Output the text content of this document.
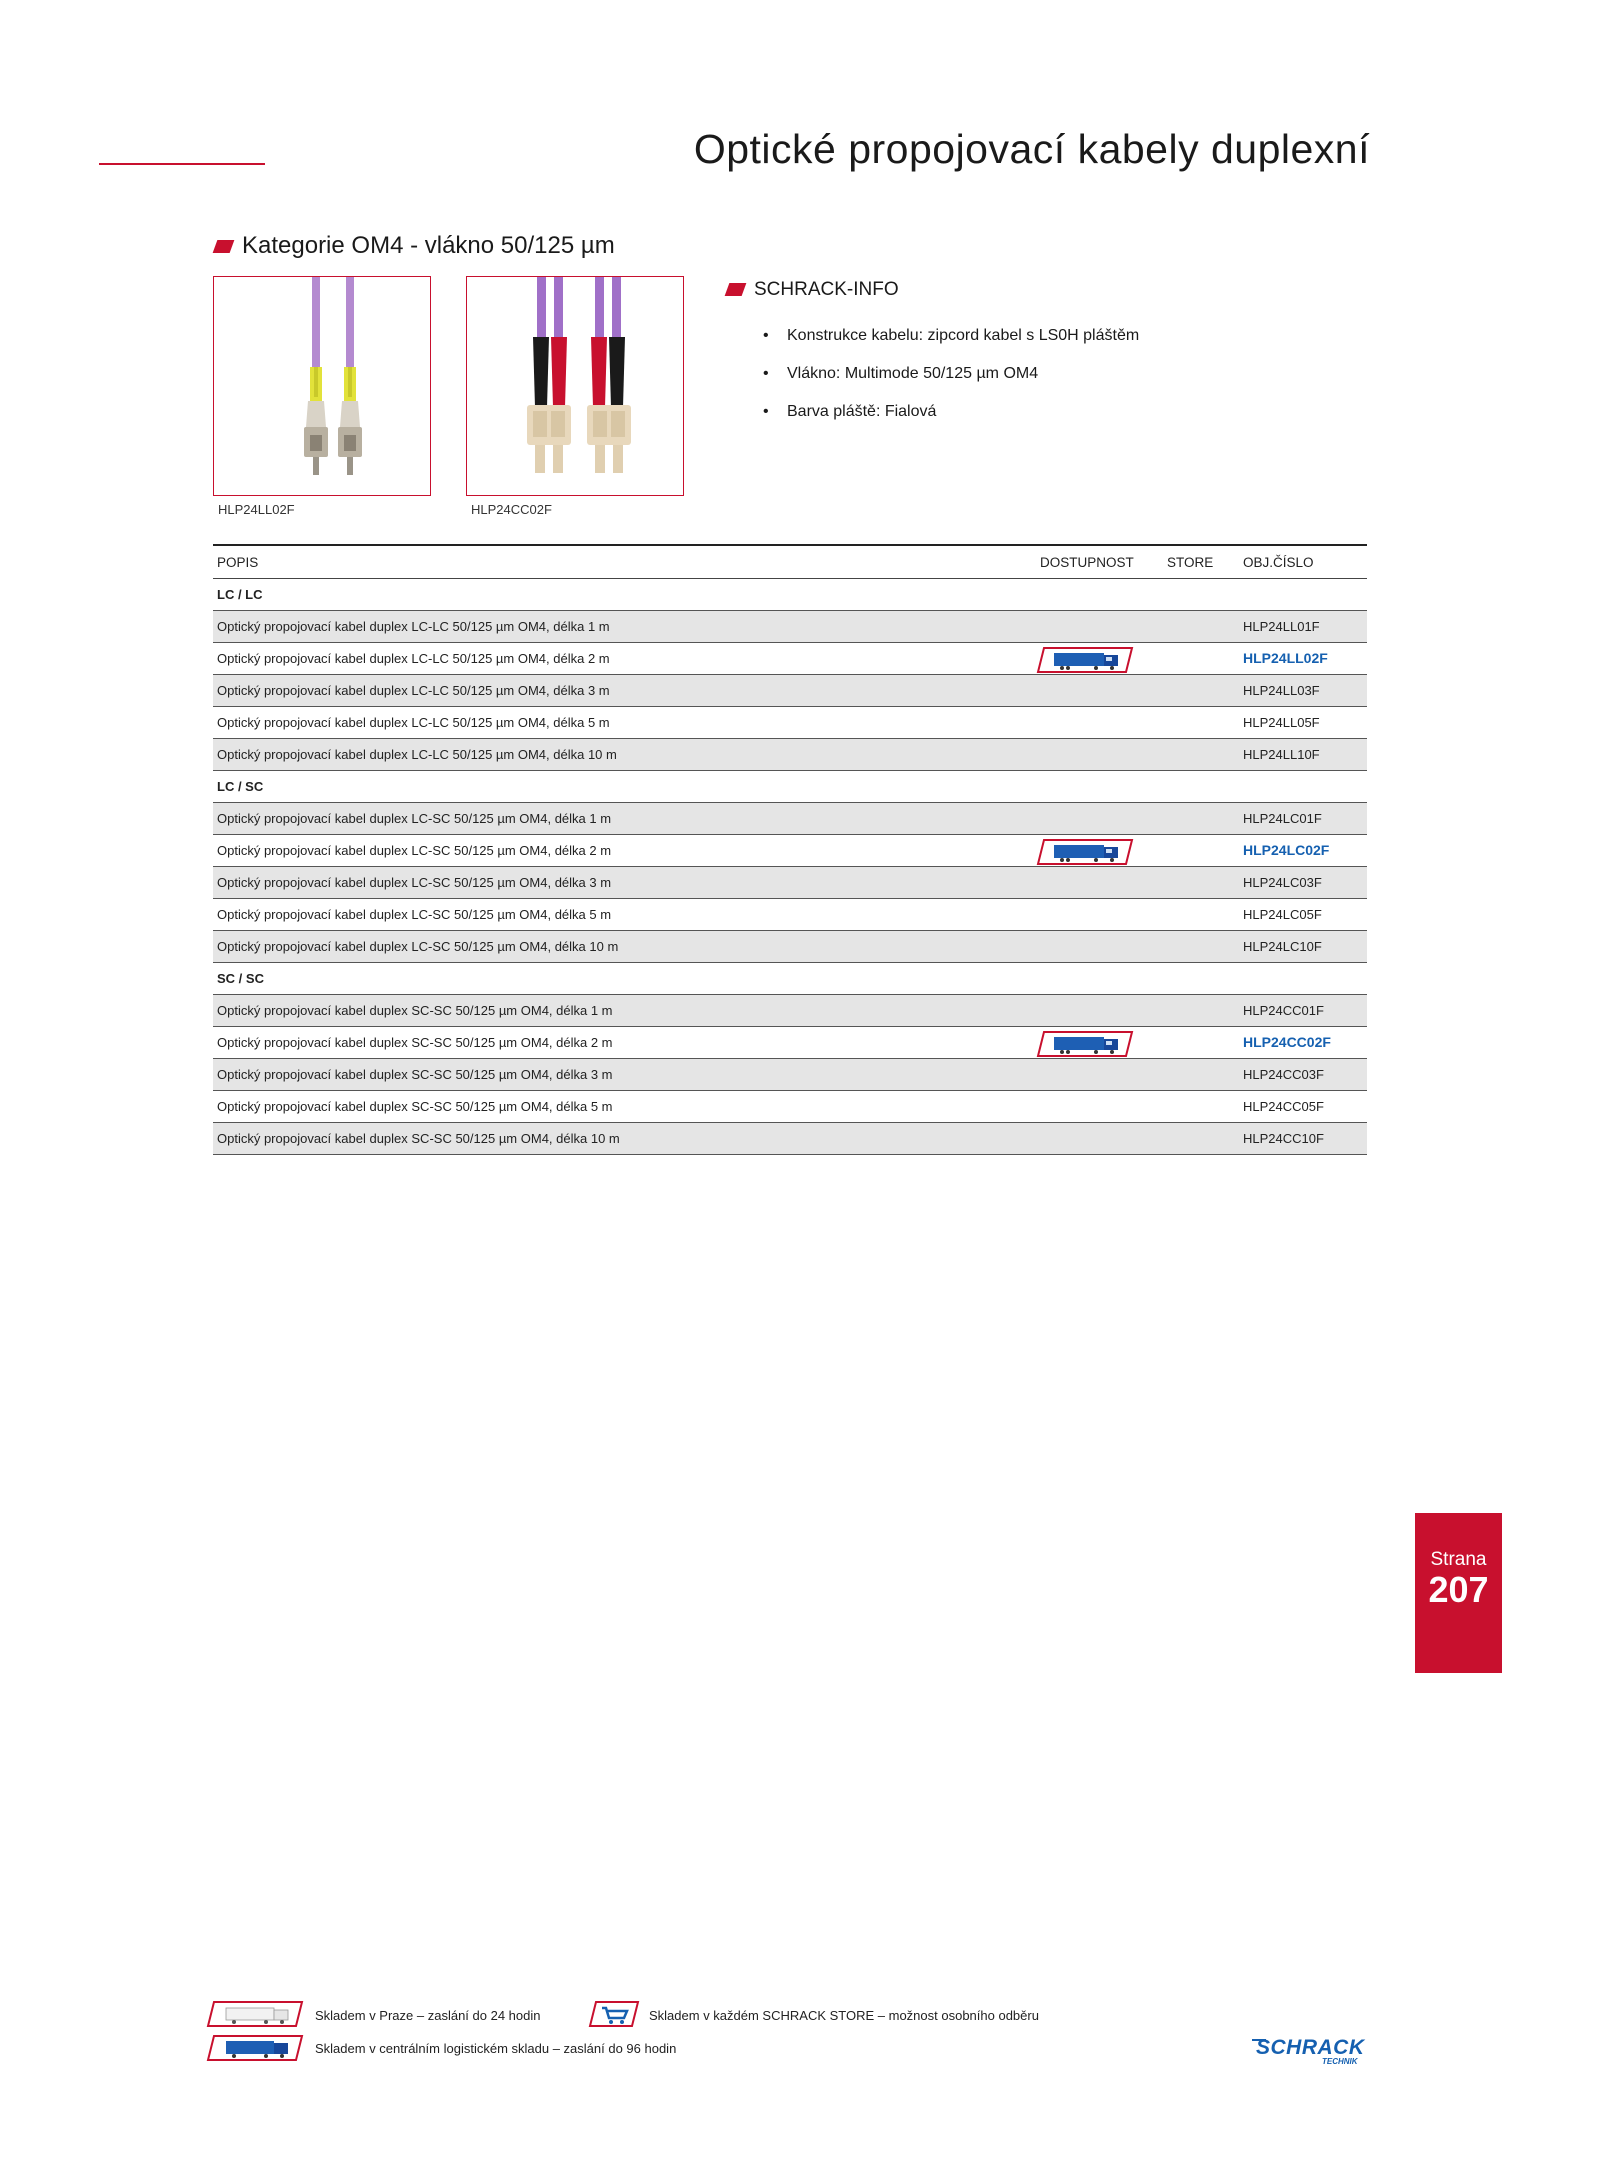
Optické propojovací kabely duplexní
Kategorie OM4 - vlákno 50/125 µm
HLP24LL02F	HLP24CC02F
SCHRACK-INFO
• Konstrukce kabelu: zipcord kabel s LS0H pláštěm
• Vlákno: Multimode 50/125 µm OM4
• Barva pláště: Fialová
POPIS	DOSTUPNOST STORE OBJ.ČÍSLO
LC / LC
Optický propojovací kabel duplex LC-LC 50/125 µm OM4, délka 1 m	HLP24LL01F
Optický propojovací kabel duplex LC-LC 50/125 µm OM4, délka 2 m	HLP24LL02F
Optický propojovací kabel duplex LC-LC 50/125 µm OM4, délka 3 m	HLP24LL03F
Optický propojovací kabel duplex LC-LC 50/125 µm OM4, délka 5 m	HLP24LL05F
Optický propojovací kabel duplex LC-LC 50/125 µm OM4, délka 10 m	HLP24LL10F
LC / SC
Optický propojovací kabel duplex LC-SC 50/125 µm OM4, délka 1 m	HLP24LC01F
Optický propojovací kabel duplex LC-SC 50/125 µm OM4, délka 2 m	HLP24LC02F
Optický propojovací kabel duplex LC-SC 50/125 µm OM4, délka 3 m	HLP24LC03F
Optický propojovací kabel duplex LC-SC 50/125 µm OM4, délka 5 m	HLP24LC05F
Optický propojovací kabel duplex LC-SC 50/125 µm OM4, délka 10 m	HLP24LC10F
SC / SC
Optický propojovací kabel duplex SC-SC 50/125 µm OM4, délka 1 m	HLP24CC01F
Optický propojovací kabel duplex SC-SC 50/125 µm OM4, délka 2 m	HLP24CC02F
Optický propojovací kabel duplex SC-SC 50/125 µm OM4, délka 3 m	HLP24CC03F
Optický propojovací kabel duplex SC-SC 50/125 µm OM4, délka 5 m	HLP24CC05F
Optický propojovací kabel duplex SC-SC 50/125 µm OM4, délka 10 m	HLP24CC10F
Strana
207
Skladem v Praze – zaslání do 24 hodin	Skladem v každém SCHRACK STORE – možnost osobního odběru
Skladem v centrálním logistickém skladu – zaslání do 96 hodin	SCHRACK
TECHNIK
